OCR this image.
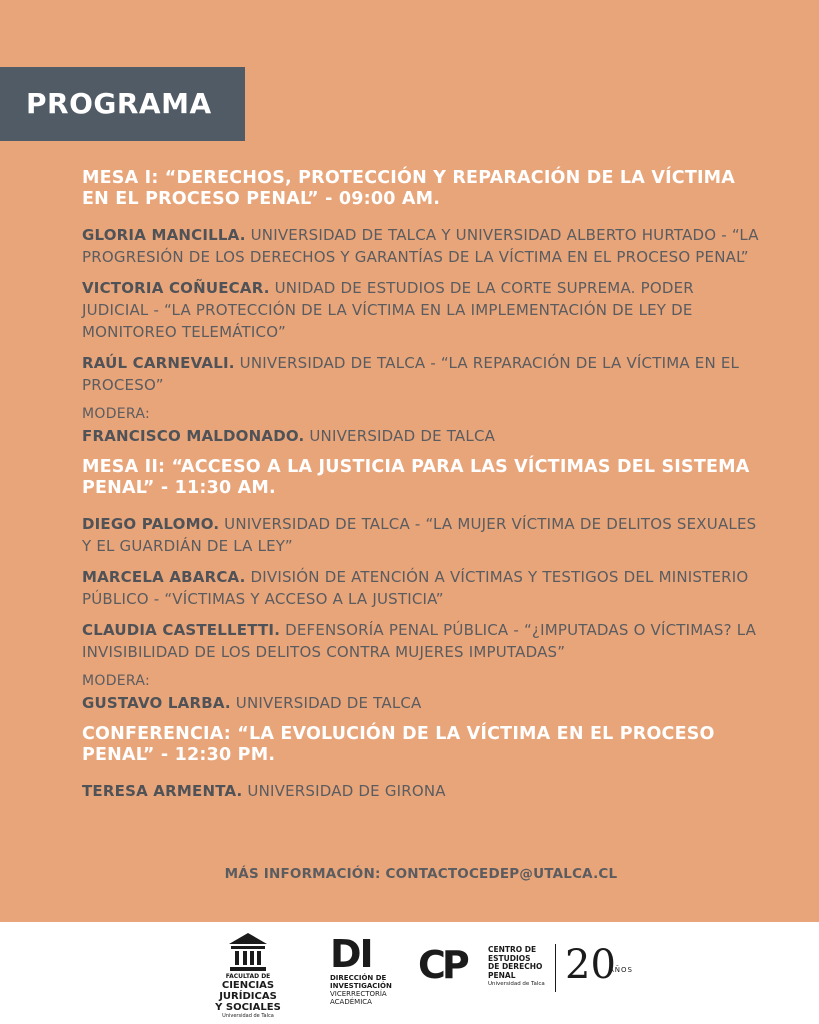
PROGRAMA
MESA I: “DERECHOS, PROTECCIÓN Y REPARACIÓN DE LA VÍCTIMA EN EL PROCESO PENAL” - 09:00 AM.
GLORIA MANCILLA. UNIVERSIDAD DE TALCA Y UNIVERSIDAD ALBERTO HURTADO - “LA PROGRESIÓN DE LOS DERECHOS Y GARANTÍAS DE LA VÍCTIMA EN EL PROCESO PENAL”
VICTORIA COÑUECAR. UNIDAD DE ESTUDIOS DE LA CORTE SUPREMA. PODER JUDICIAL - “LA PROTECCIÓN DE LA VÍCTIMA EN LA IMPLEMENTACIÓN DE LEY DE MONITOREO TELEMÁTICO”
RAÚL CARNEVALI. UNIVERSIDAD DE TALCA - “LA REPARACIÓN DE LA VÍCTIMA EN EL PROCESO”
MODERA:
FRANCISCO MALDONADO. UNIVERSIDAD DE TALCA
MESA II: “ACCESO A LA JUSTICIA PARA LAS VÍCTIMAS DEL SISTEMA PENAL” - 11:30 AM.
DIEGO PALOMO. UNIVERSIDAD DE TALCA - “LA MUJER VÍCTIMA DE DELITOS SEXUALES Y EL GUARDIÁN DE LA LEY”
MARCELA ABARCA. DIVISIÓN DE ATENCIÓN A VÍCTIMAS Y TESTIGOS DEL MINISTERIO PÚBLICO - “VÍCTIMAS Y ACCESO A LA JUSTICIA”
CLAUDIA CASTELLETTI. DEFENSORÍA PENAL PÚBLICA - “¿IMPUTADAS O VÍCTIMAS? LA INVISIBILIDAD DE LOS DELITOS CONTRA MUJERES IMPUTADAS”
MODERA:
GUSTAVO LARBA. UNIVERSIDAD DE TALCA
CONFERENCIA: “LA EVOLUCIÓN DE LA VÍCTIMA EN EL PROCESO PENAL” - 12:30 PM.
TERESA ARMENTA. UNIVERSIDAD DE GIRONA
MÁS INFORMACIÓN: CONTACTOCEDEP@UTALCA.CL
FACULTAD DE
CIENCIAS JURÍDICAS
Y SOCIALES
Universidad de Talca
DI
DIRECCIÓN DE
INVESTIGACIÓN
VICERRECTORÍA
ACADÉMICA
CP	CENTRO DE
ESTUDIOS
DE DERECHO
PENAL
Universidad de Talca 20
AÑOS
